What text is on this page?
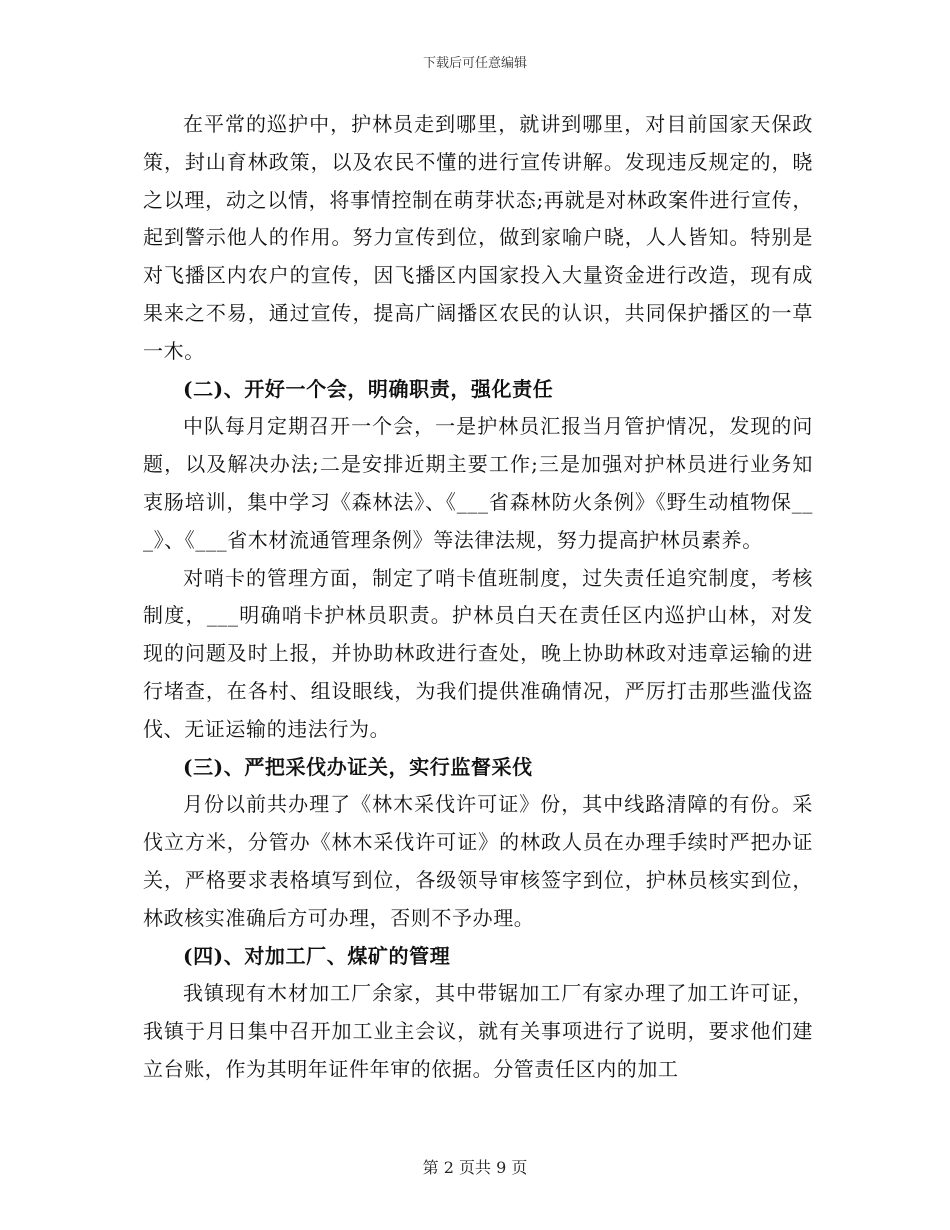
下载后可任意编辑

在平常的巡护中，护林员走到哪里，就讲到哪里，对目前国家天保政策，封山育林政策，以及农民不懂的进行宣传讲解。发现违反规定的，晓之以理，动之以情，将事情控制在萌芽状态;再就是对林政案件进行宣传，起到警示他人的作用。努力宣传到位，做到家喻户晓，人人皆知。特别是对飞播区内农户的宣传，因飞播区内国家投入大量资金进行改造，现有成果来之不易，通过宣传，提高广阔播区农民的认识，共同保护播区的一草一木。

(二)、开好一个会，明确职责，强化责任

中队每月定期召开一个会，一是护林员汇报当月管护情况，发现的问题，以及解决办法;二是安排近期主要工作;三是加强对护林员进行业务知衷肠培训，集中学习《森林法》、《___省森林防火条例》《野生动植物保___》、《___省木材流通管理条例》等法律法规，努力提高护林员素养。

对哨卡的管理方面，制定了哨卡值班制度，过失责任追究制度，考核制度，___明确哨卡护林员职责。护林员白天在责任区内巡护山林，对发现的问题及时上报，并协助林政进行查处，晚上协助林政对违章运输的进行堵查，在各村、组设眼线，为我们提供准确情况，严厉打击那些滥伐盗伐、无证运输的违法行为。

(三)、严把采伐办证关，实行监督采伐

月份以前共办理了《林木采伐许可证》份，其中线路清障的有份。采伐立方米，分管办《林木采伐许可证》的林政人员在办理手续时严把办证关，严格要求表格填写到位，各级领导审核签字到位，护林员核实到位，林政核实准确后方可办理，否则不予办理。

(四)、对加工厂、煤矿的管理

我镇现有木材加工厂余家，其中带锯加工厂有家办理了加工许可证，我镇于月日集中召开加工业主会议，就有关事项进行了说明，要求他们建立台账，作为其明年证件年审的依据。分管责任区内的加工

第 2 页共 9 页
